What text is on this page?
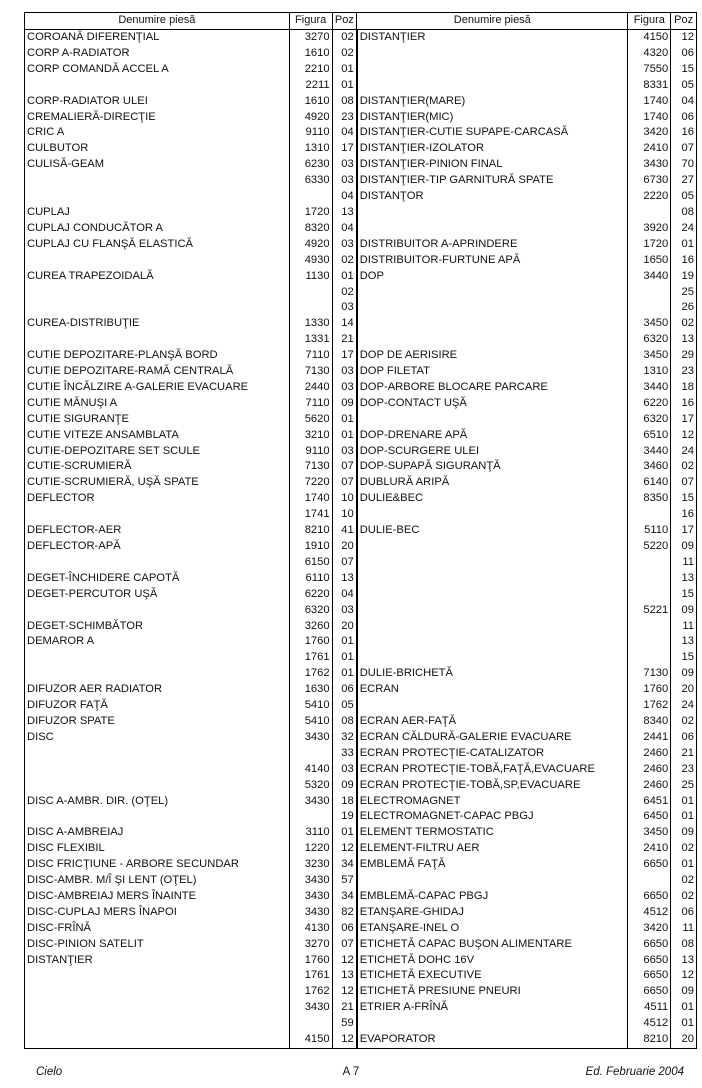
Denumire piesă	Figura	Poz	Denumire piesă	Figura	Poz
COROANĂ DIFERENŢIAL	3270	02	DISTANŢIER	4150	12
CORP A-RADIATOR	1610	02		4320	06
CORP COMANDĂ ACCEL A	2210	01		7550	15
	2211	01		8331	05
CORP-RADIATOR ULEI	1610	08	DISTANŢIER(MARE)	1740	04
CREMALIERĂ-DIRECŢIE	4920	23	DISTANŢIER(MIC)	1740	06
CRIC A	9110	04	DISTANŢIER-CUTIE SUPAPE-CARCASĂ	3420	16
CULBUTOR	1310	17	DISTANŢIER-IZOLATOR	2410	07
CULISĂ-GEAM	6230	03	DISTANŢIER-PINION FINAL	3430	70
	6330	03	DISTANŢIER-TIP GARNITURĂ SPATE	6730	27
		04	DISTANŢOR	2220	05
CUPLAJ	1720	13			08
CUPLAJ CONDUCĂTOR A	8320	04		3920	24
CUPLAJ CU FLANŞĂ ELASTICĂ	4920	03	DISTRIBUITOR A-APRINDERE	1720	01
	4930	02	DISTRIBUITOR-FURTUNE APĂ	1650	16
CUREA TRAPEZOIDALĂ	1130	01	DOP	3440	19
		02			25
		03			26
CUREA-DISTRIBUŢIE	1330	14		3450	02
	1331	21		6320	13
CUTIE DEPOZITARE-PLANŞĂ BORD	7110	17	DOP DE AERISIRE	3450	29
CUTIE DEPOZITARE-RAMĂ CENTRALĂ	7130	03	DOP FILETAT	1310	23
CUTIE ÎNCĂLZIRE A-GALERIE EVACUARE	2440	03	DOP-ARBORE BLOCARE PARCARE	3440	18
CUTIE MĂNUŞI A	7110	09	DOP-CONTACT UŞĂ	6220	16
CUTIE SIGURANŢE	5620	01		6320	17
CUTIE VITEZE ANSAMBLATA	3210	01	DOP-DRENARE APĂ	6510	12
CUTIE-DEPOZITARE SET SCULE	9110	03	DOP-SCURGERE ULEI	3440	24
CUTIE-SCRUMIERĂ	7130	07	DOP-SUPAPĂ SIGURANŢĂ	3460	02
CUTIE-SCRUMIERĂ, UŞĂ SPATE	7220	07	DUBLURĂ ARIPĂ	6140	07
DEFLECTOR	1740	10	DULIE&BEC	8350	15
	1741	10			16
DEFLECTOR-AER	8210	41	DULIE-BEC	5110	17
DEFLECTOR-APĂ	1910	20		5220	09
	6150	07			11
DEGET-ÎNCHIDERE CAPOTĂ	6110	13			13
DEGET-PERCUTOR UŞĂ	6220	04			15
	6320	03		5221	09
DEGET-SCHIMBĂTOR	3260	20			11
DEMAROR A	1760	01			13
	1761	01			15
	1762	01	DULIE-BRICHETĂ	7130	09
DIFUZOR AER RADIATOR	1630	06	ECRAN	1760	20
DIFUZOR FAŢĂ	5410	05		1762	24
DIFUZOR SPATE	5410	08	ECRAN AER-FAŢĂ	8340	02
DISC	3430	32	ECRAN CĂLDURĂ-GALERIE EVACUARE	2441	06
		33	ECRAN PROTECŢIE-CATALIZATOR	2460	21
	4140	03	ECRAN PROTECŢIE-TOBĂ,FAŢĂ,EVACUARE	2460	23
	5320	09	ECRAN PROTECŢIE-TOBĂ,SP,EVACUARE	2460	25
DISC A-AMBR. DIR. (OŢEL)	3430	18	ELECTROMAGNET	6451	01
		19	ELECTROMAGNET-CAPAC PBGJ	6450	01
DISC A-AMBREIAJ	3110	01	ELEMENT TERMOSTATIC	3450	09
DISC FLEXIBIL	1220	12	ELEMENT-FILTRU AER	2410	02
DISC FRICŢIUNE - ARBORE SECUNDAR	3230	34	EMBLEMĂ FAŢĂ	6650	01
DISC-AMBR. M/Î ŞI LENT (OŢEL)	3430	57			02
DISC-AMBREIAJ MERS ÎNAINTE	3430	34	EMBLEMĂ-CAPAC PBGJ	6650	02
DISC-CUPLAJ MERS ÎNAPOI	3430	82	ETANŞARE-GHIDAJ	4512	06
DISC-FRÎNĂ	4130	06	ETANŞARE-INEL O	3420	11
DISC-PINION SATELIT	3270	07	ETICHETĂ CAPAC BUŞON ALIMENTARE	6650	08
DISTANŢIER	1760	12	ETICHETĂ DOHC 16V	6650	13
	1761	13	ETICHETĂ EXECUTIVE	6650	12
	1762	12	ETICHETĂ PRESIUNE PNEURI	6650	09
	3430	21	ETRIER A-FRÎNĂ	4511	01
		59		4512	01
	4150	12	EVAPORATOR	8210	20
Cielo	A 7	Ed. Februarie 2004
